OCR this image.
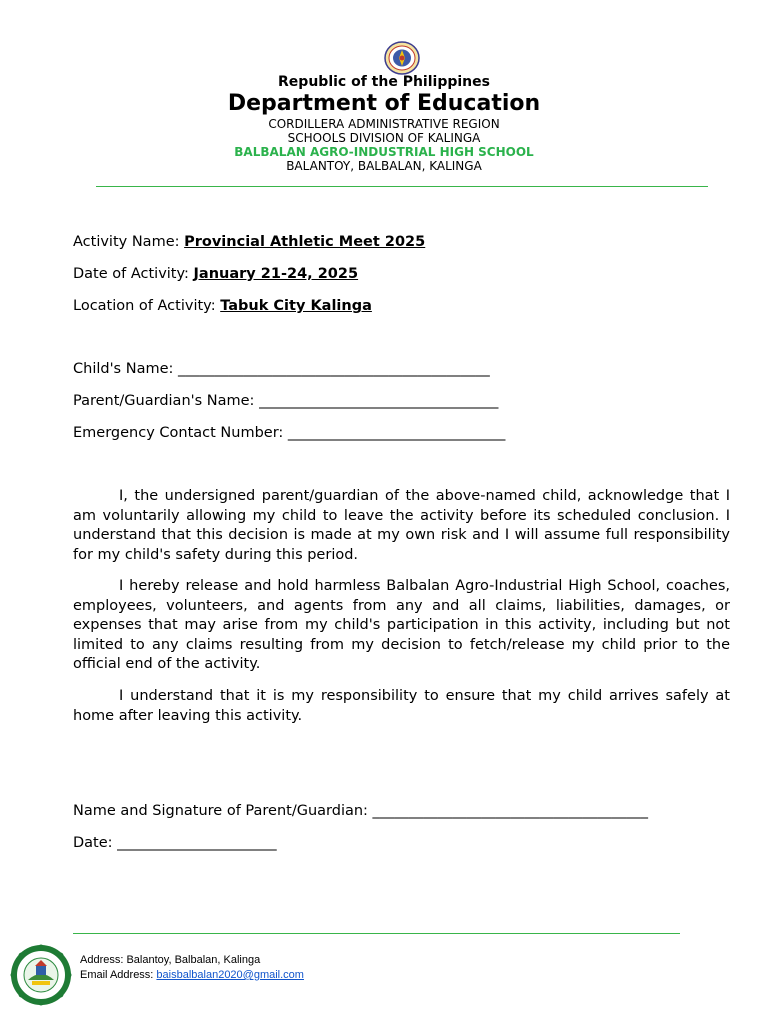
Republic of the Philippines
Department of Education
CORDILLERA ADMINISTRATIVE REGION
SCHOOLS DIVISION OF KALINGA
BALBALAN AGRO-INDUSTRIAL HIGH SCHOOL
BALANTOY, BALBALAN, KALINGA
Activity Name: Provincial Athletic Meet 2025
Date of Activity: January 21-24, 2025
Location of Activity: Tabuk City Kalinga
Child's Name: ___________________________________________
Parent/Guardian's Name: _________________________________
Emergency Contact Number: ______________________________
I, the undersigned parent/guardian of the above-named child, acknowledge that I am voluntarily allowing my child to leave the activity before its scheduled conclusion. I understand that this decision is made at my own risk and I will assume full responsibility for my child's safety during this period.
I hereby release and hold harmless Balbalan Agro-Industrial High School, coaches, employees, volunteers, and agents from any and all claims, liabilities, damages, or expenses that may arise from my child's participation in this activity, including but not limited to any claims resulting from my decision to fetch/release my child prior to the official end of the activity.
I understand that it is my responsibility to ensure that my child arrives safely at home after leaving this activity.
Name and Signature of Parent/Guardian: ______________________________________
Date: ______________________
Address: Balantoy, Balbalan, Kalinga
Email Address: baisbalbalan2020@gmail.com
